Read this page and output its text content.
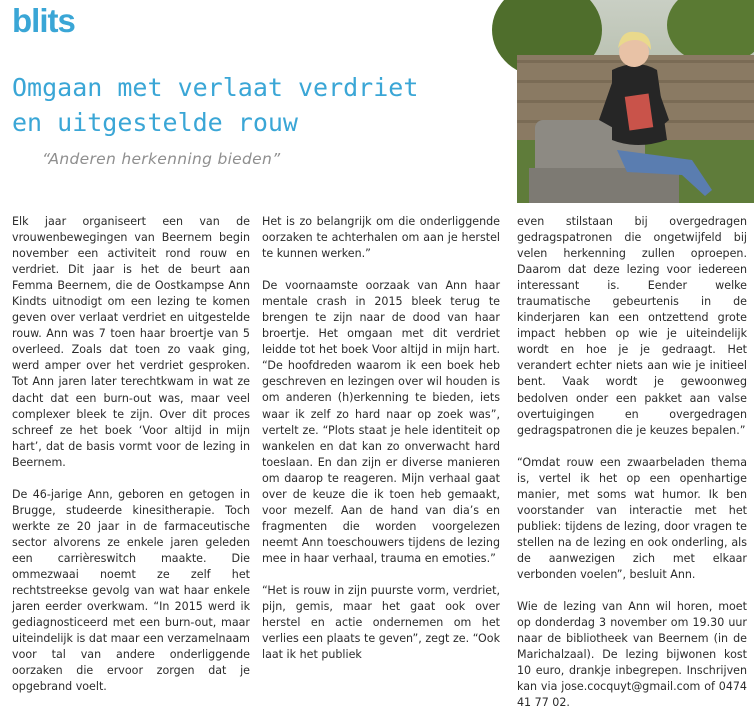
blits
Omgaan met verlaat verdriet
en uitgestelde rouw
“Anderen herkenning bieden”

Elk jaar organiseert een van de vrouwenbewegingen van Beernem begin november een activiteit rond rouw en verdriet. Dit jaar is het de beurt aan Femma Beernem, die de Oostkampse Ann Kindts uitnodigt om een lezing te komen geven over verlaat verdriet en uitgestelde rouw. Ann was 7 toen haar broertje van 5 overleed. Zoals dat toen zo vaak ging, werd amper over het verdriet gesproken. Tot Ann jaren later terechtkwam in wat ze dacht dat een burn-out was, maar veel complexer bleek te zijn. Over dit proces schreef ze het boek ‘Voor altijd in mijn hart’, dat de basis vormt voor de lezing in Beernem.

De 46-jarige Ann, geboren en getogen in Brugge, studeerde kinesitherapie. Toch werkte ze 20 jaar in de farmaceutische sector alvorens ze enkele jaren geleden een carrièreswitch maakte. Die ommezwaai noemt ze zelf het rechtstreekse gevolg van wat haar enkele jaren eerder overkwam. “In 2015 werd ik gediagnosticeerd met een burn-out, maar uiteindelijk is dat maar een verzamelnaam voor tal van andere onderliggende oorzaken die ervoor zorgen dat je opgebrand voelt.

Het is zo belangrijk om die onderliggende oorzaken te achterhalen om aan je herstel te kunnen werken.”

De voornaamste oorzaak van Ann haar mentale crash in 2015 bleek terug te brengen te zijn naar de dood van haar broertje. Het omgaan met dit verdriet leidde tot het boek Voor altijd in mijn hart. “De hoofdreden waarom ik een boek heb geschreven en lezingen over wil houden is om anderen (h)erkenning te bieden, iets waar ik zelf zo hard naar op zoek was”, vertelt ze. “Plots staat je hele identiteit op wankelen en dat kan zo onverwacht hard toeslaan. En dan zijn er diverse manieren om daarop te reageren. Mijn verhaal gaat over de keuze die ik toen heb gemaakt, voor mezelf. Aan de hand van dia’s en fragmenten die worden voorgelezen neemt Ann toeschouwers tijdens de lezing mee in haar verhaal, trauma en emoties.”

“Het is rouw in zijn puurste vorm, verdriet, pijn, gemis, maar het gaat ook over herstel en actie ondernemen om het verlies een plaats te geven”, zegt ze. “Ook laat ik het publiek

even stilstaan bij overgedragen gedragspatronen die ongetwijfeld bij velen herkenning zullen oproepen. Daarom dat deze lezing voor iedereen interessant is. Eender welke traumatische gebeurtenis in de kinderjaren kan een ontzettend grote impact hebben op wie je uiteindelijk wordt en hoe je je gedraagt. Het verandert echter niets aan wie je initieel bent. Vaak wordt je gewoonweg bedolven onder een pakket aan valse overtuigingen en overgedragen gedragspatronen die je keuzes bepalen.”

“Omdat rouw een zwaarbeladen thema is, vertel ik het op een openhartige manier, met soms wat humor. Ik ben voorstander van interactie met het publiek: tijdens de lezing, door vragen te stellen na de lezing en ook onderling, als de aanwezigen zich met elkaar verbonden voelen”, besluit Ann.

Wie de lezing van Ann wil horen, moet op donderdag 3 november om 19.30 uur naar de bibliotheek van Beernem (in de Marichalzaal). De lezing bijwonen kost 10 euro, drankje inbegrepen. Inschrijven kan via jose.cocquyt@gmail.com of 0474 41 77 02.
